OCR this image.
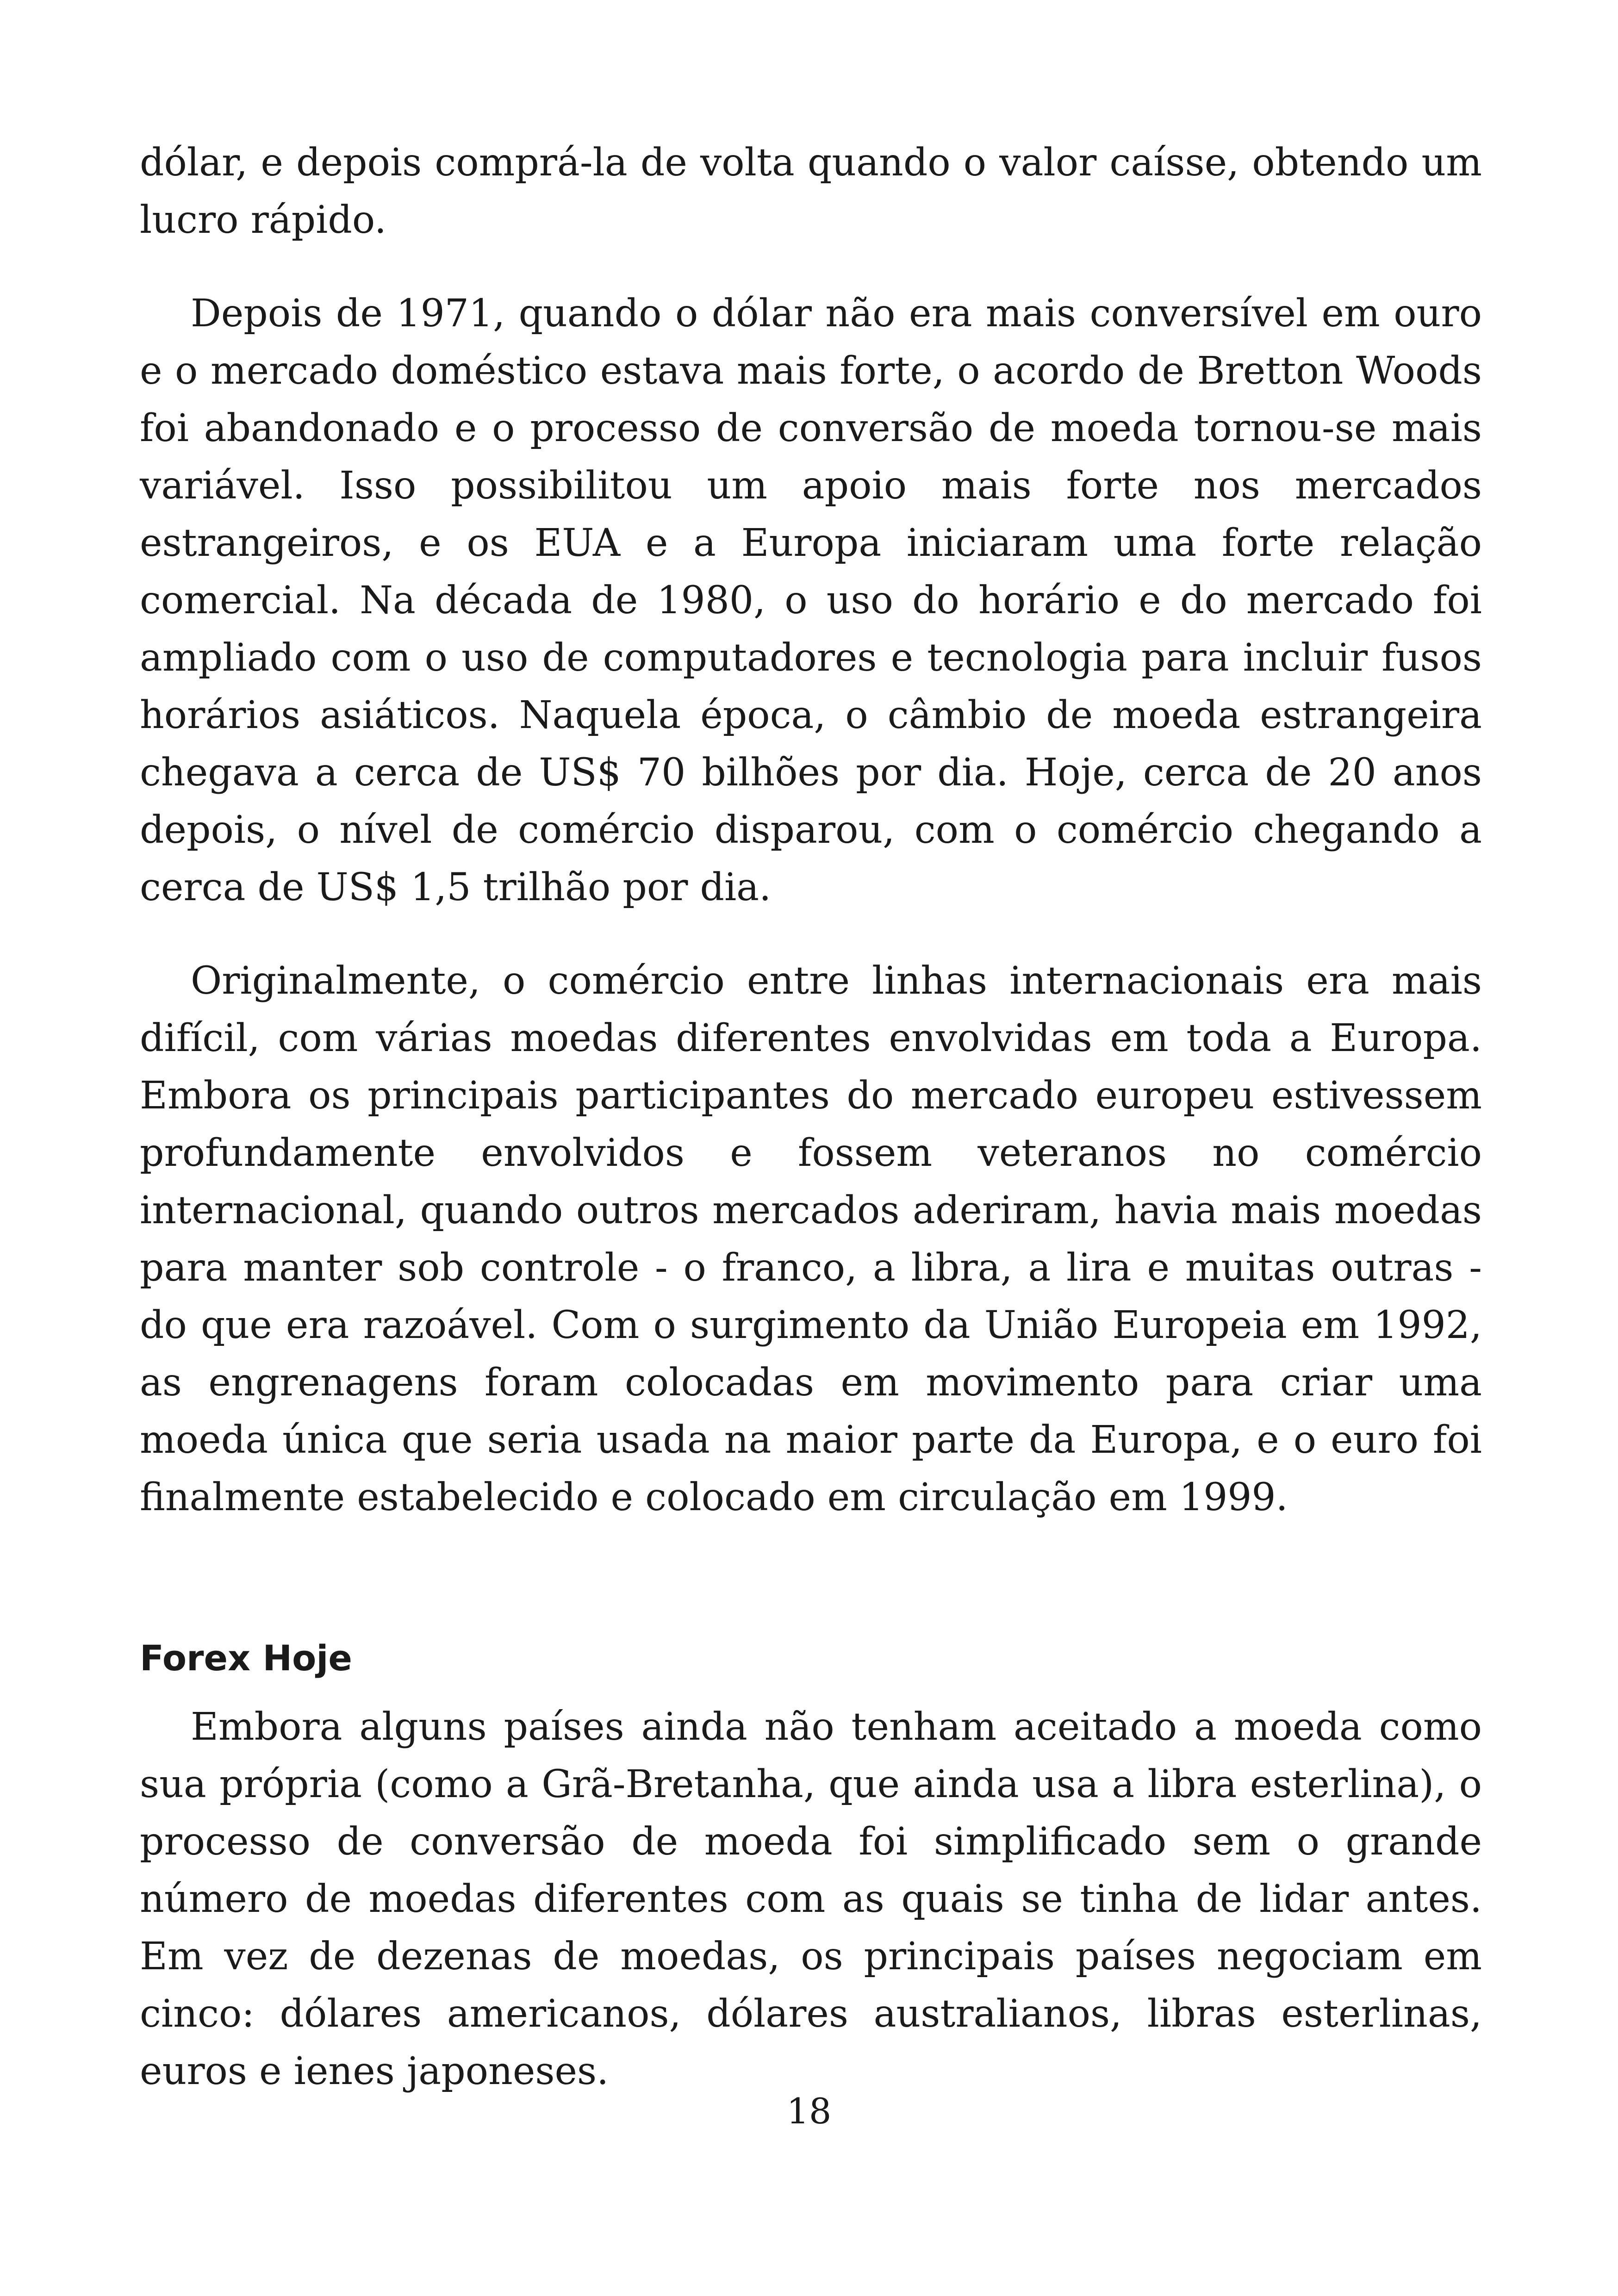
dólar, e depois comprá-la de volta quando o valor caísse, obtendo um lucro rápido.

Depois de 1971, quando o dólar não era mais conversível em ouro e o mercado doméstico estava mais forte, o acordo de Bretton Woods foi abandonado e o processo de conversão de moeda tornou-se mais variável. Isso possibilitou um apoio mais forte nos mercados estrangeiros, e os EUA e a Europa iniciaram uma forte relação comercial. Na década de 1980, o uso do horário e do mercado foi ampliado com o uso de computadores e tecnologia para incluir fusos horários asiáticos. Naquela época, o câmbio de moeda estrangeira chegava a cerca de US$ 70 bilhões por dia. Hoje, cerca de 20 anos depois, o nível de comércio disparou, com o comércio chegando a cerca de US$ 1,5 trilhão por dia.

Originalmente, o comércio entre linhas internacionais era mais difícil, com várias moedas diferentes envolvidas em toda a Europa. Embora os principais participantes do mercado europeu estivessem profundamente envolvidos e fossem veteranos no comércio internacional, quando outros mercados aderiram, havia mais moedas para manter sob controle - o franco, a libra, a lira e muitas outras - do que era razoável. Com o surgimento da União Europeia em 1992, as engrenagens foram colocadas em movimento para criar uma moeda única que seria usada na maior parte da Europa, e o euro foi finalmente estabelecido e colocado em circulação em 1999.

Forex Hoje

Embora alguns países ainda não tenham aceitado a moeda como sua própria (como a Grã-Bretanha, que ainda usa a libra esterlina), o processo de conversão de moeda foi simplificado sem o grande número de moedas diferentes com as quais se tinha de lidar antes. Em vez de dezenas de moedas, os principais países negociam em cinco: dólares americanos, dólares australianos, libras esterlinas, euros e ienes japoneses.

18
